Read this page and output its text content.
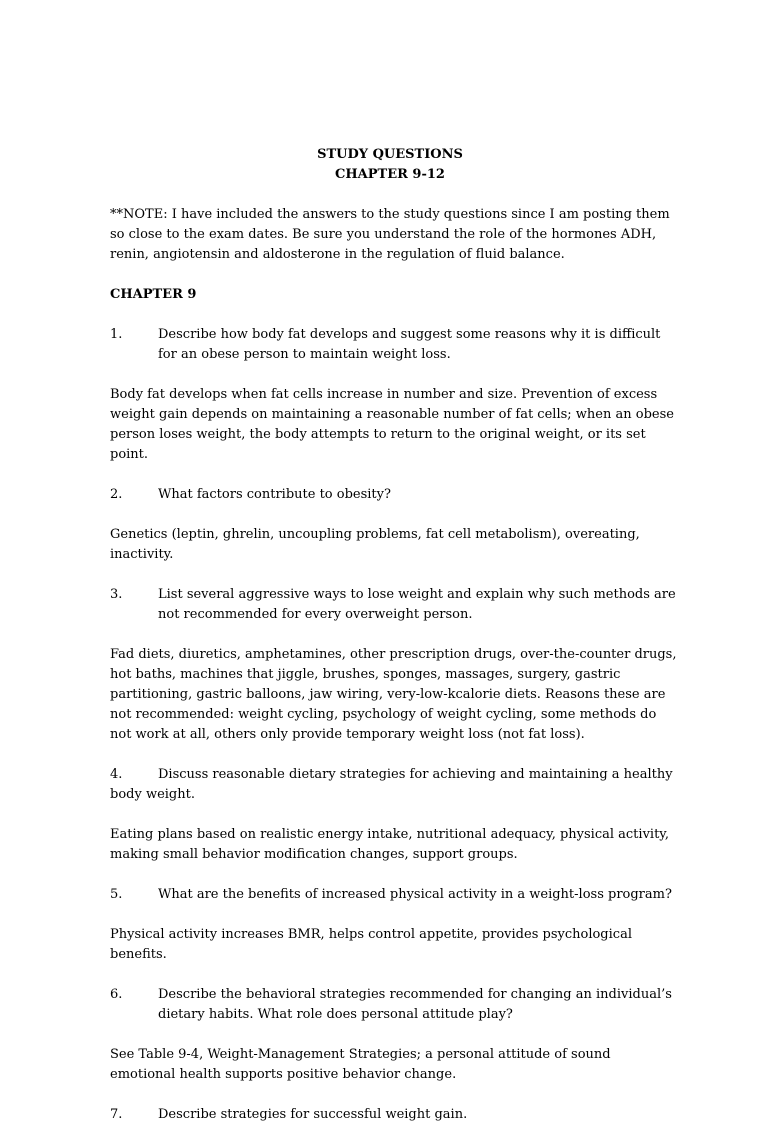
STUDY QUESTIONS
CHAPTER 9-12
**NOTE: I have included the answers to the study questions since I am posting them so close to the exam dates. Be sure you understand the role of the hormones ADH, renin, angiotensin and aldosterone in the regulation of fluid balance.
CHAPTER 9
1.	Describe how body fat develops and suggest some reasons why it is difficult for an obese person to maintain weight loss.
Body fat develops when fat cells increase in number and size. Prevention of excess weight gain depends on maintaining a reasonable number of fat cells; when an obese person loses weight, the body attempts to return to the original weight, or its set point.
2.	What factors contribute to obesity?
Genetics (leptin, ghrelin, uncoupling problems, fat cell metabolism), overeating, inactivity.
3.	List several aggressive ways to lose weight and explain why such methods are not recommended for every overweight person.
Fad diets, diuretics, amphetamines, other prescription drugs, over-the-counter drugs, hot baths, machines that jiggle, brushes, sponges, massages, surgery, gastric partitioning, gastric balloons, jaw wiring, very-low-kcalorie diets. Reasons these are not recommended: weight cycling, psychology of weight cycling, some methods do not work at all, others only provide temporary weight loss (not fat loss).
4.	Discuss reasonable dietary strategies for achieving and maintaining a healthy body weight.
Eating plans based on realistic energy intake, nutritional adequacy, physical activity, making small behavior modification changes, support groups.
5.	What are the benefits of increased physical activity in a weight-loss program?
Physical activity increases BMR, helps control appetite, provides psychological benefits.
6.	Describe the behavioral strategies recommended for changing an individual’s dietary habits. What role does personal attitude play?
See Table 9-4, Weight-Management Strategies; a personal attitude of sound emotional health supports positive behavior change.
7.	Describe strategies for successful weight gain.
